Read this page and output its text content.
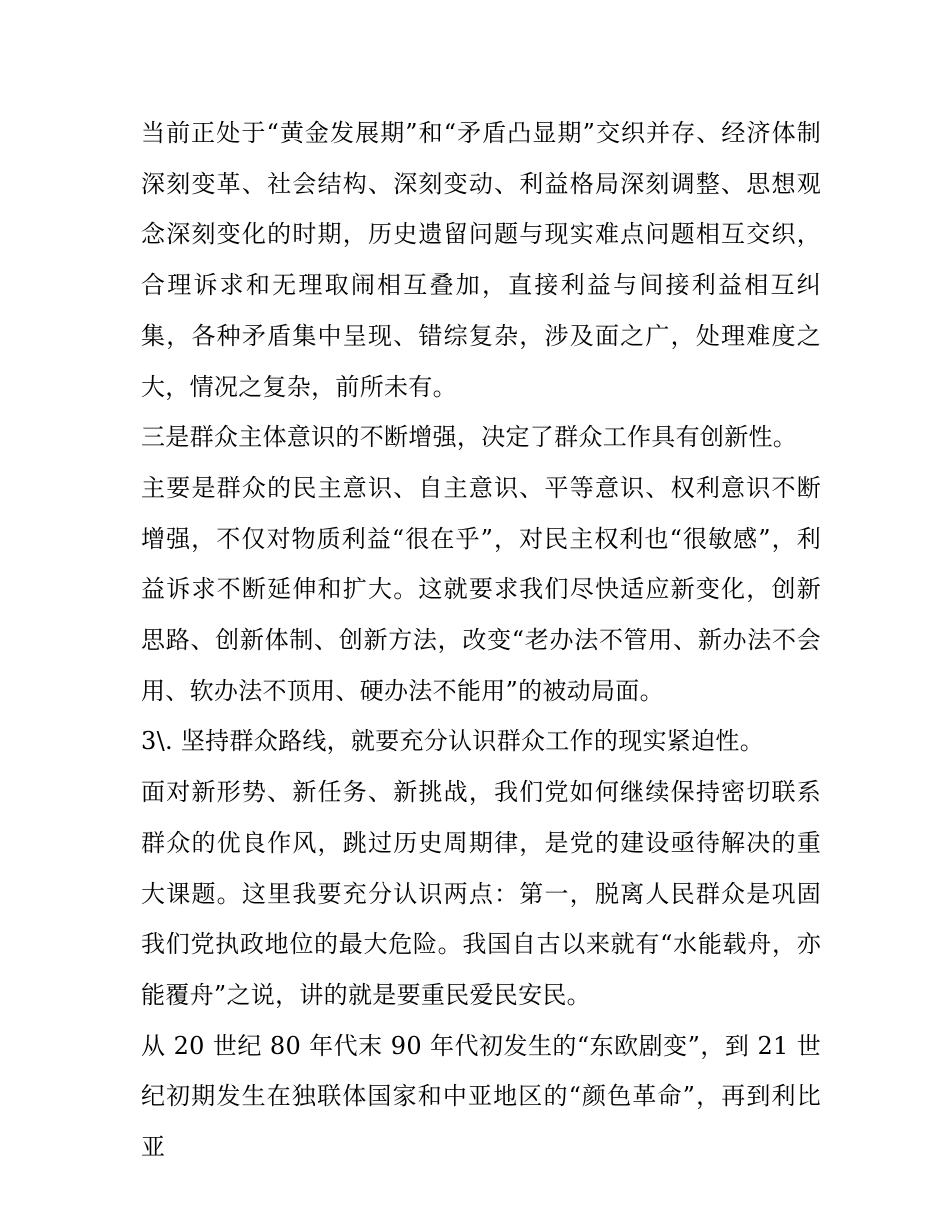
当前正处于“黄金发展期”和“矛盾凸显期”交织并存、经济体制深刻变革、社会结构、深刻变动、利益格局深刻调整、思想观念深刻变化的时期，历史遗留问题与现实难点问题相互交织，合理诉求和无理取闹相互叠加，直接利益与间接利益相互纠集，各种矛盾集中呈现、错综复杂，涉及面之广，处理难度之大，情况之复杂，前所未有。

三是群众主体意识的不断增强，决定了群众工作具有创新性。

主要是群众的民主意识、自主意识、平等意识、权利意识不断增强，不仅对物质利益“很在乎”，对民主权利也“很敏感”，利益诉求不断延伸和扩大。这就要求我们尽快适应新变化，创新思路、创新体制、创新方法，改变“老办法不管用、新办法不会用、软办法不顶用、硬办法不能用”的被动局面。

3\. 坚持群众路线，就要充分认识群众工作的现实紧迫性。

面对新形势、新任务、新挑战，我们党如何继续保持密切联系群众的优良作风，跳过历史周期律，是党的建设亟待解决的重大课题。这里我要充分认识两点：第一，脱离人民群众是巩固我们党执政地位的最大危险。我国自古以来就有“水能载舟，亦能覆舟”之说，讲的就是要重民爱民安民。

从 20 世纪 80 年代末 90 年代初发生的“东欧剧变”，到 21 世纪初期发生在独联体国家和中亚地区的“颜色革命”，再到利比亚
